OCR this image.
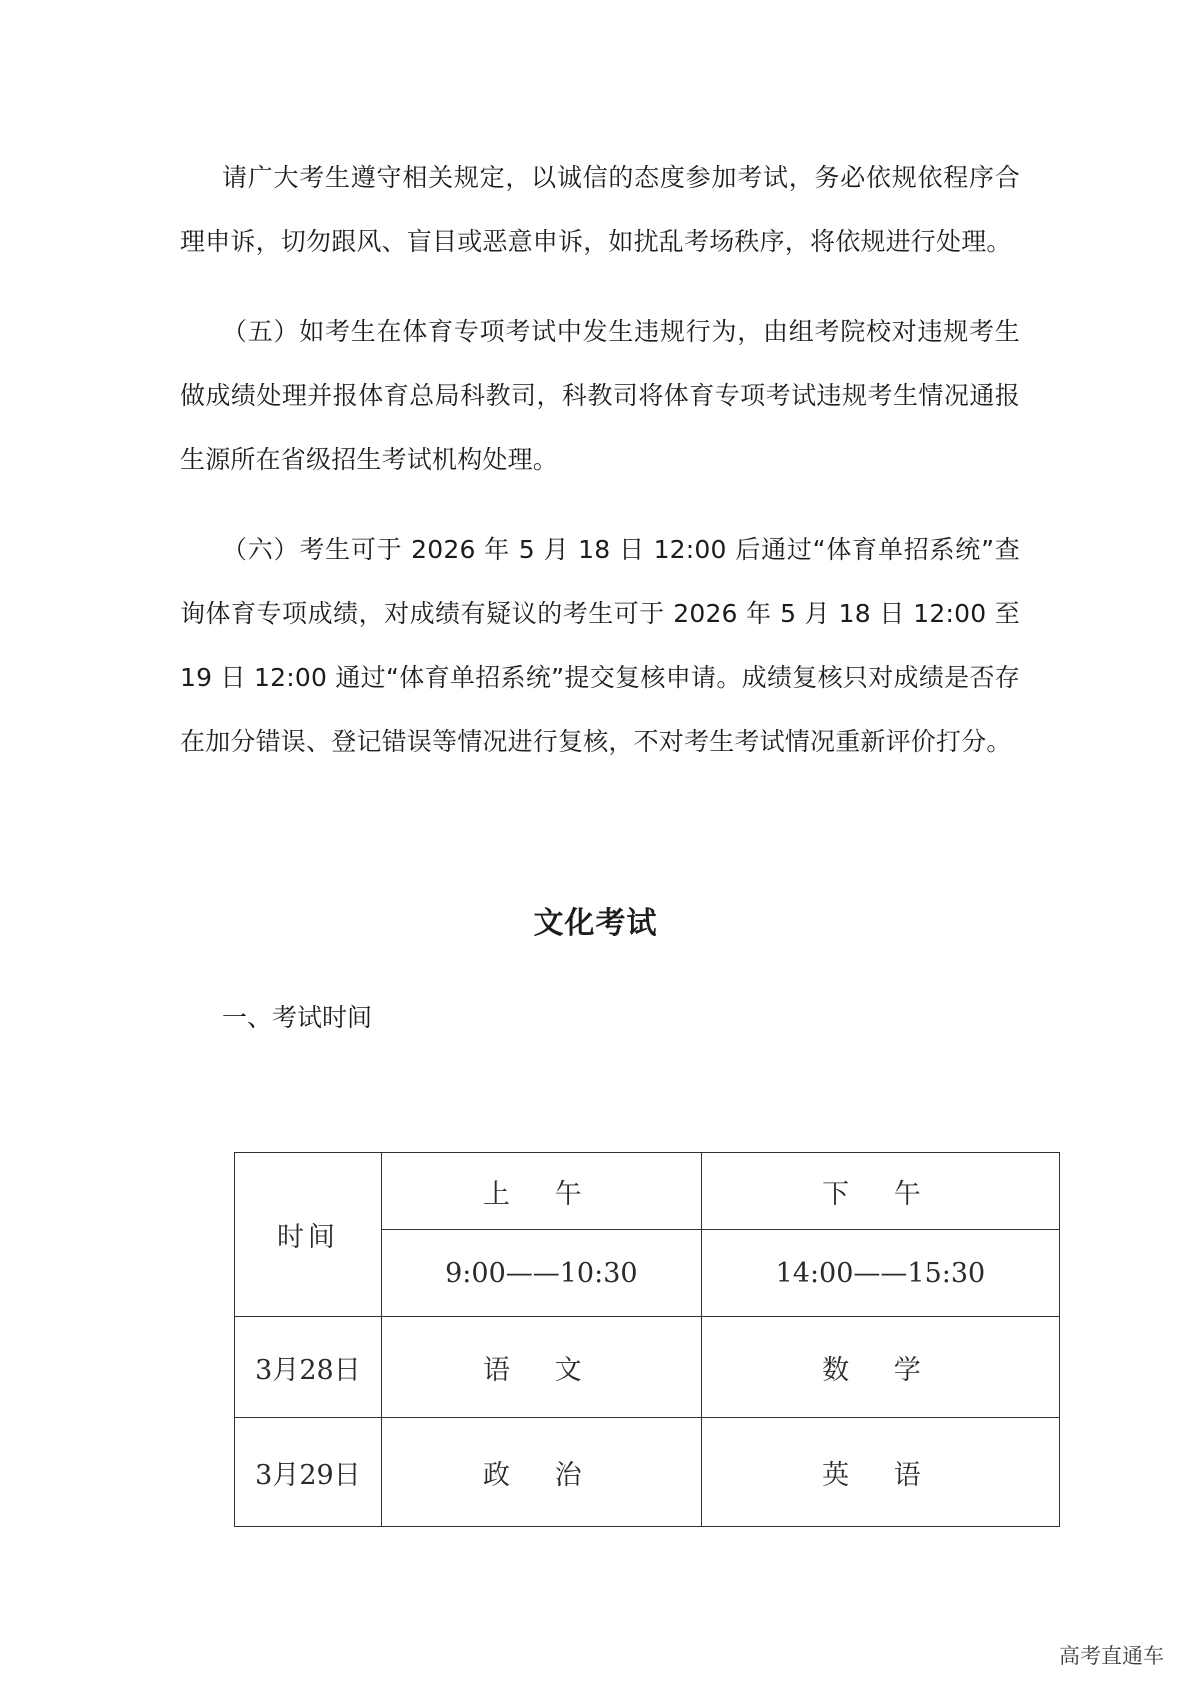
请广大考生遵守相关规定，以诚信的态度参加考试，务必依规依程序合理申诉，切勿跟风、盲目或恶意申诉，如扰乱考场秩序，将依规进行处理。

（五）如考生在体育专项考试中发生违规行为，由组考院校对违规考生做成绩处理并报体育总局科教司，科教司将体育专项考试违规考生情况通报生源所在省级招生考试机构处理。

（六）考生可于 2026 年 5 月 18 日 12:00 后通过“体育单招系统”查询体育专项成绩，对成绩有疑议的考生可于 2026 年 5 月 18 日 12:00 至 19 日 12:00 通过“体育单招系统”提交复核申请。成绩复核只对成绩是否存在加分错误、登记错误等情况进行复核，不对考生考试情况重新评价打分。

文化考试

一、考试时间

时间	上 午	下 午
	9:00——10:30	14:00——15:30
3月28日	语 文	数 学
3月29日	政 治	英 语
高考直通车
